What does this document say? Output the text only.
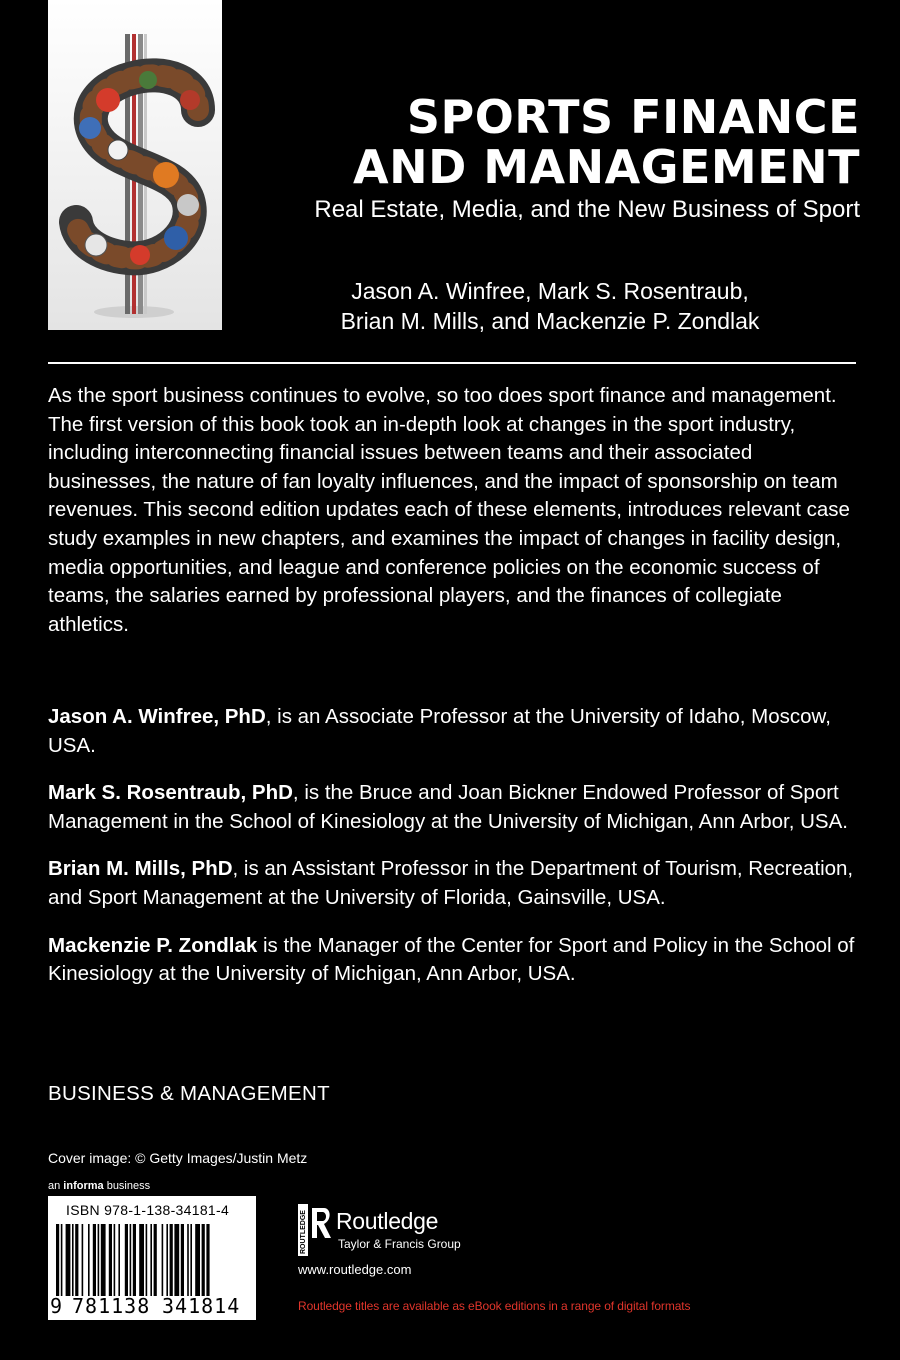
SPORTS FINANCE
AND MANAGEMENT
Real Estate, Media, and the New Business of Sport
Jason A. Winfree, Mark S. Rosentraub,
Brian M. Mills, and Mackenzie P. Zondlak

As the sport business continues to evolve, so too does sport finance and management. The first version of this book took an in-depth look at changes in the sport industry, including interconnecting financial issues between teams and their associated businesses, the nature of fan loyalty influences, and the impact of sponsorship on team revenues. This second edition updates each of these elements, introduces relevant case study examples in new chapters, and examines the impact of changes in facility design, media opportunities, and league and conference policies on the economic success of teams, the salaries earned by professional players, and the finances of collegiate athletics.

Jason A. Winfree, PhD, is an Associate Professor at the University of Idaho, Moscow, USA.

Mark S. Rosentraub, PhD, is the Bruce and Joan Bickner Endowed Professor of Sport Management in the School of Kinesiology at the University of Michigan, Ann Arbor, USA.

Brian M. Mills, PhD, is an Assistant Professor in the Department of Tourism, Recreation, and Sport Management at the University of Florida, Gainsville, USA.

Mackenzie P. Zondlak is the Manager of the Center for Sport and Policy in the School of Kinesiology at the University of Michigan, Ann Arbor, USA.

BUSINESS & MANAGEMENT
Cover image: © Getty Images/Justin Metz
an informa business
ISBN 978-1-138-34181-4
9 781138 341814
ROUTLEDGE Routledge
Taylor & Francis Group
www.routledge.com
Routledge titles are available as eBook editions in a range of digital formats
